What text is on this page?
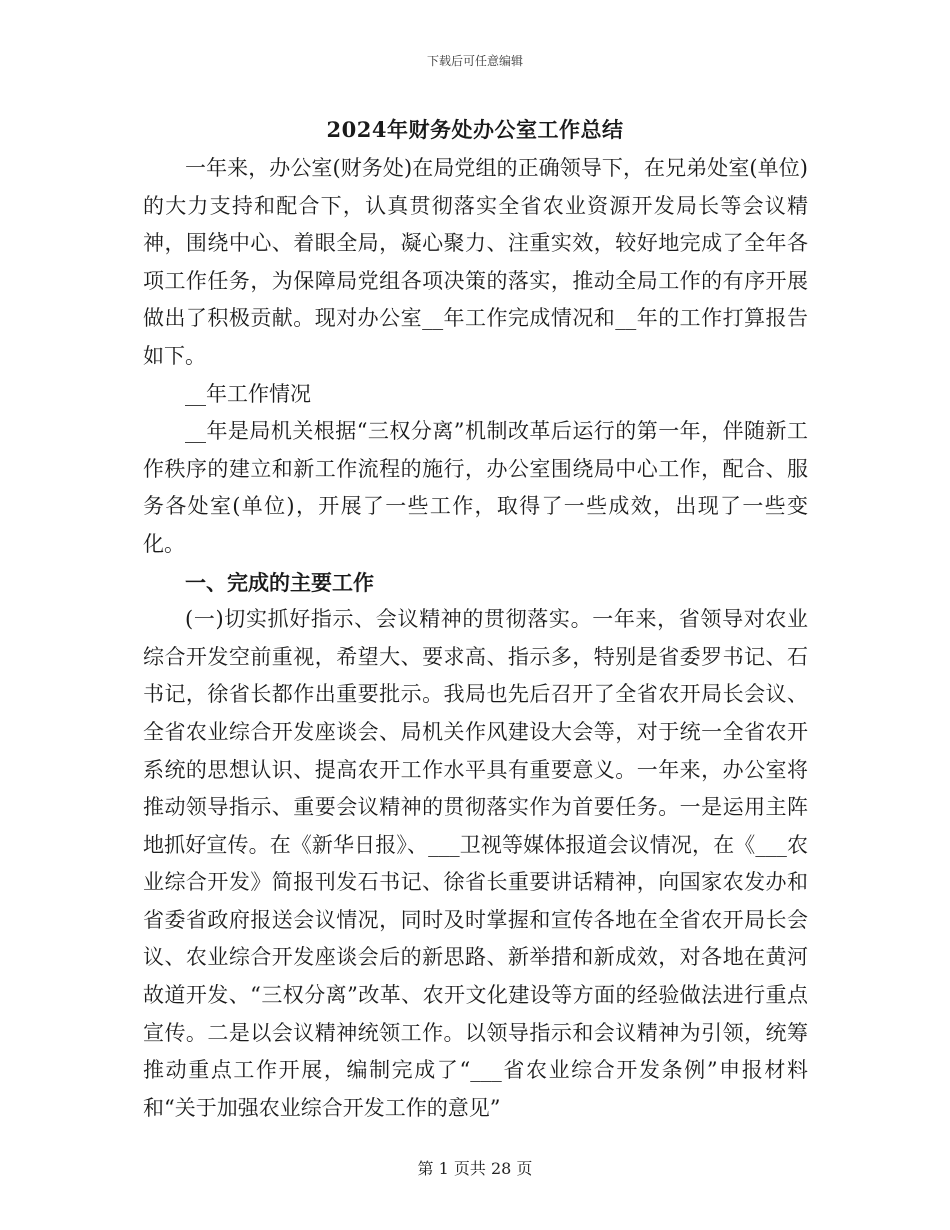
下载后可任意编辑
2024年财务处办公室工作总结

一年来，办公室(财务处)在局党组的正确领导下，在兄弟处室(单位)的大力支持和配合下，认真贯彻落实全省农业资源开发局长等会议精神，围绕中心、着眼全局，凝心聚力、注重实效，较好地完成了全年各项工作任务，为保障局党组各项决策的落实，推动全局工作的有序开展做出了积极贡献。现对办公室__年工作完成情况和__年的工作打算报告如下。

__年工作情况

__年是局机关根据“三权分离”机制改革后运行的第一年，伴随新工作秩序的建立和新工作流程的施行，办公室围绕局中心工作，配合、服务各处室(单位)，开展了一些工作，取得了一些成效，出现了一些变化。

一、完成的主要工作

(一)切实抓好指示、会议精神的贯彻落实。一年来，省领导对农业综合开发空前重视，希望大、要求高、指示多，特别是省委罗书记、石书记，徐省长都作出重要批示。我局也先后召开了全省农开局长会议、全省农业综合开发座谈会、局机关作风建设大会等，对于统一全省农开系统的思想认识、提高农开工作水平具有重要意义。一年来，办公室将推动领导指示、重要会议精神的贯彻落实作为首要任务。一是运用主阵地抓好宣传。在《新华日报》、___卫视等媒体报道会议情况，在《___农业综合开发》简报刊发石书记、徐省长重要讲话精神，向国家农发办和省委省政府报送会议情况，同时及时掌握和宣传各地在全省农开局长会议、农业综合开发座谈会后的新思路、新举措和新成效，对各地在黄河故道开发、“三权分离”改革、农开文化建设等方面的经验做法进行重点宣传。二是以会议精神统领工作。以领导指示和会议精神为引领，统筹推动重点工作开展，编制完成了“___省农业综合开发条例”申报材料和“关于加强农业综合开发工作的意见”

第 1 页共 28 页
